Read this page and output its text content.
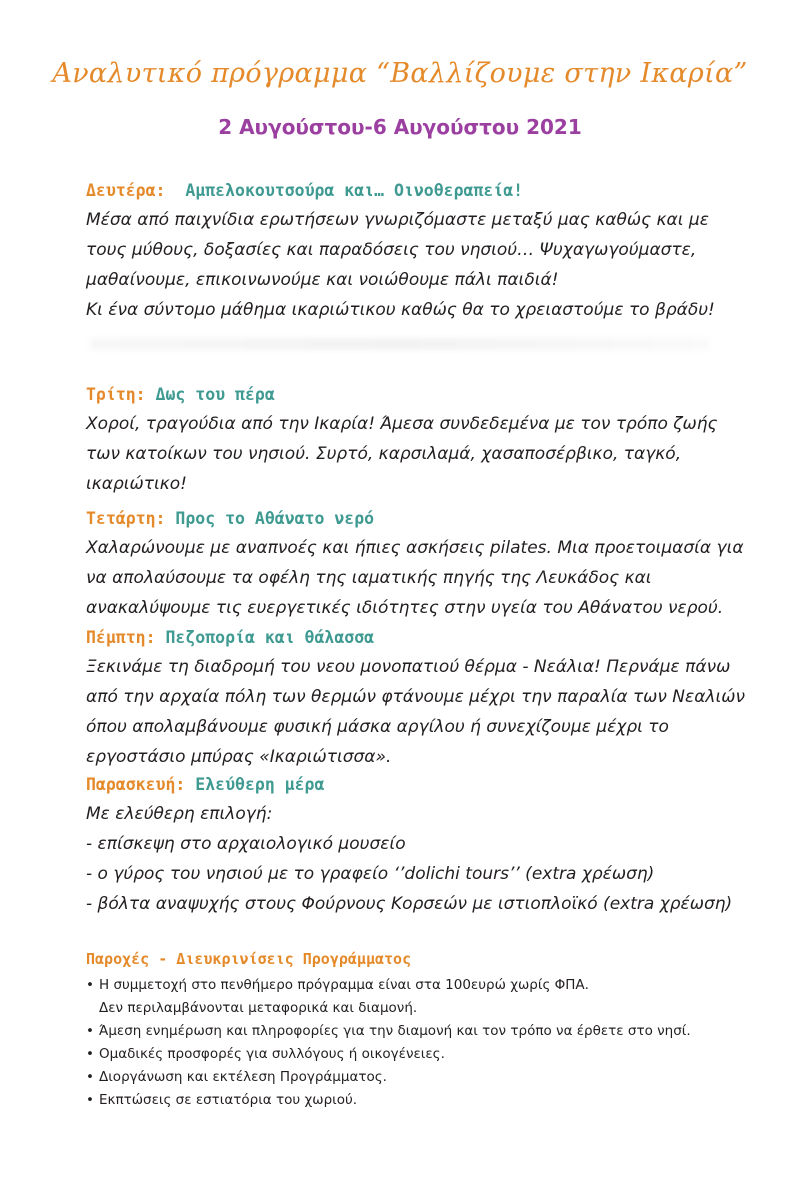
Αναλυτικό πρόγραμμα “Βαλλίζουμε στην Ικαρία”
2 Αυγούστου-6 Αυγούστου 2021
Δευτέρα: Αμπελοκουτσούρα και… Οινοθεραπεία!
Μέσα από παιχνίδια ερωτήσεων γνωριζόμαστε μεταξύ μας καθώς και με
τους μύθους, δοξασίες και παραδόσεις του νησιού… Ψυχαγωγούμαστε,
μαθαίνουμε, επικοινωνούμε και νοιώθουμε πάλι παιδιά!
Κι ένα σύντομο μάθημα ικαριώτικου καθώς θα το χρειαστούμε το βράδυ!
Τρίτη: Δως του πέρα
Χοροί, τραγούδια από την Ικαρία! Άμεσα συνδεδεμένα με τον τρόπο ζωής
των κατοίκων του νησιού. Συρτό, καρσιλαμά, χασαποσέρβικο, ταγκό,
ικαριώτικο!
Τετάρτη: Προς το Αθάνατο νερό
Χαλαρώνουμε με αναπνοές και ήπιες ασκήσεις pilates. Μια προετοιμασία για
να απολαύσουμε τα οφέλη της ιαματικής πηγής της Λευκάδος και
ανακαλύψουμε τις ευεργετικές ιδιότητες στην υγεία του Αθάνατου νερού.
Πέμπτη: Πεζοπορία και θάλασσα
Ξεκινάμε τη διαδρομή του νεου μονοπατιού θέρμα - Νεάλια! Περνάμε πάνω
από την αρχαία πόλη των θερμών φτάνουμε μέχρι την παραλία των Νεαλιών
όπου απολαμβάνουμε φυσική μάσκα αργίλου ή συνεχίζουμε μέχρι το
εργοστάσιο μπύρας «Ικαριώτισσα».
Παρασκευή: Ελεύθερη μέρα
Με ελεύθερη επιλογή:
- επίσκεψη στο αρχαιολογικό μουσείο
- ο γύρος του νησιού με το γραφείο ‘’dolichi tours’’ (extra χρέωση)
- βόλτα αναψυχής στους Φούρνους Κορσεών με ιστιοπλοϊκό (extra χρέωση)
Παροχές - Διευκρινίσεις Προγράμματος
• Η συμμετοχή στο πενθήμερο πρόγραμμα είναι στα 100ευρώ χωρίς ΦΠΑ.
Δεν περιλαμβάνονται μεταφορικά και διαμονή.
• Άμεση ενημέρωση και πληροφορίες για την διαμονή και τον τρόπο να έρθετε στο νησί.
• Ομαδικές προσφορές για συλλόγους ή οικογένειες.
• Διοργάνωση και εκτέλεση Προγράμματος.
• Εκπτώσεις σε εστιατόρια του χωριού.
